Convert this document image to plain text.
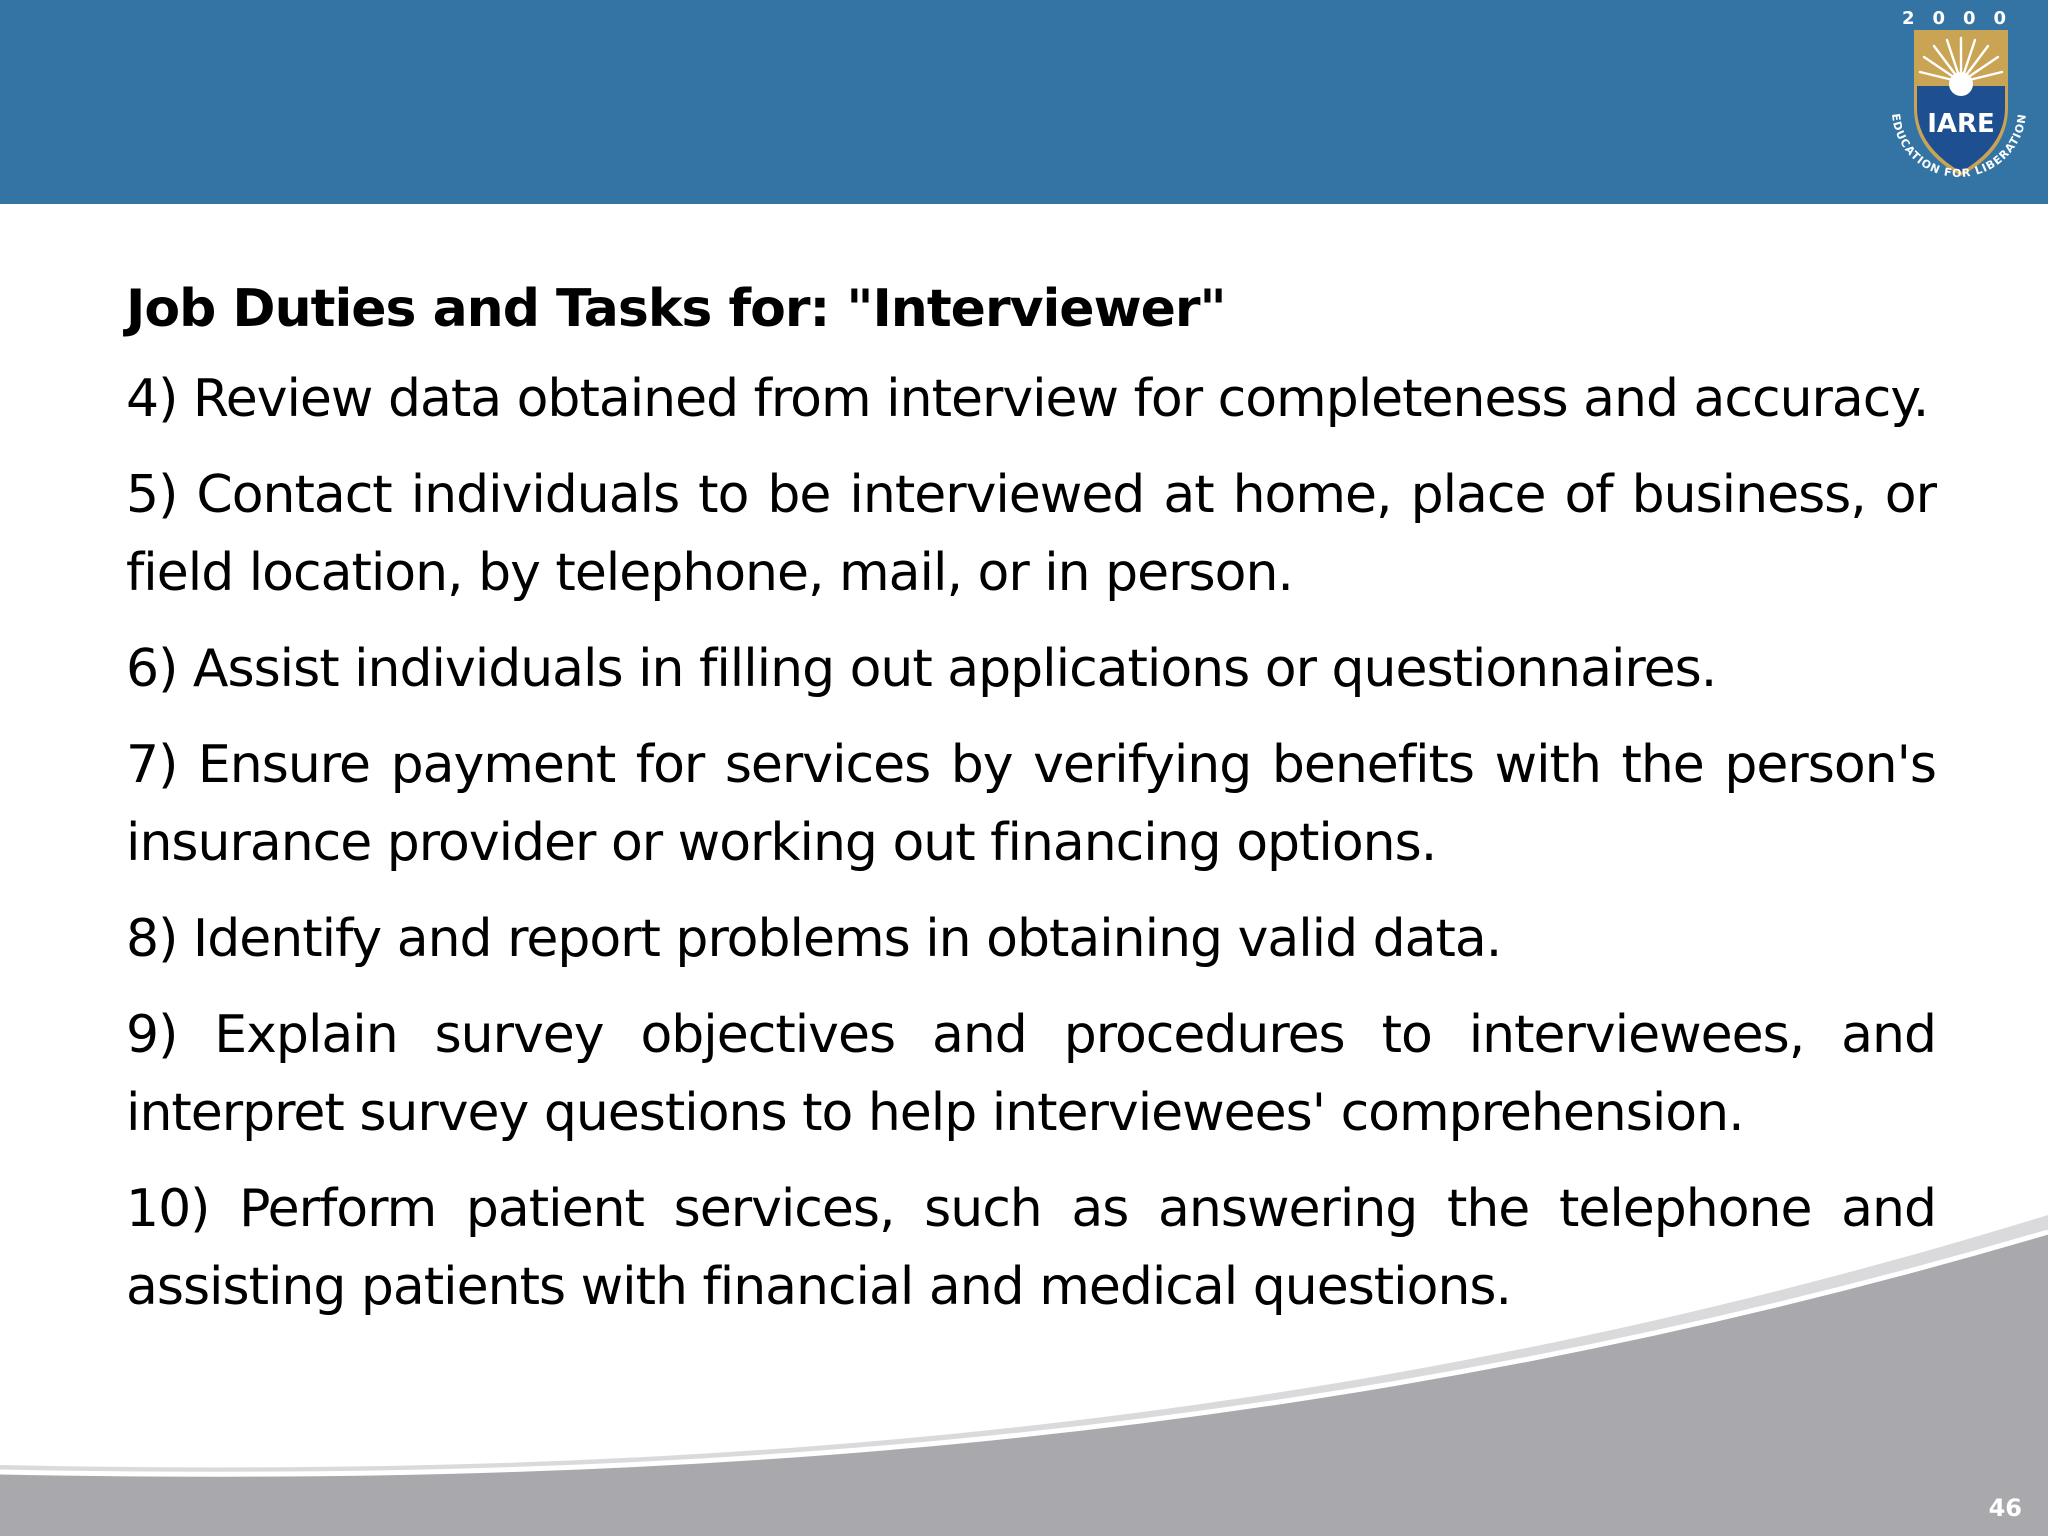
2000
IARE
EDUCATION FOR LIBERATION
Job Duties and Tasks for: "Interviewer"

4) Review data obtained from interview for completeness and accuracy.

5) Contact individuals to be interviewed at home, place of business, or field location, by telephone, mail, or in person.

6) Assist individuals in filling out applications or questionnaires.

7) Ensure payment for services by verifying benefits with the person's insurance provider or working out financing options.

8) Identify and report problems in obtaining valid data.

9) Explain survey objectives and procedures to interviewees, and interpret survey questions to help interviewees' comprehension.

10) Perform patient services, such as answering the telephone and assisting patients with financial and medical questions.

46
